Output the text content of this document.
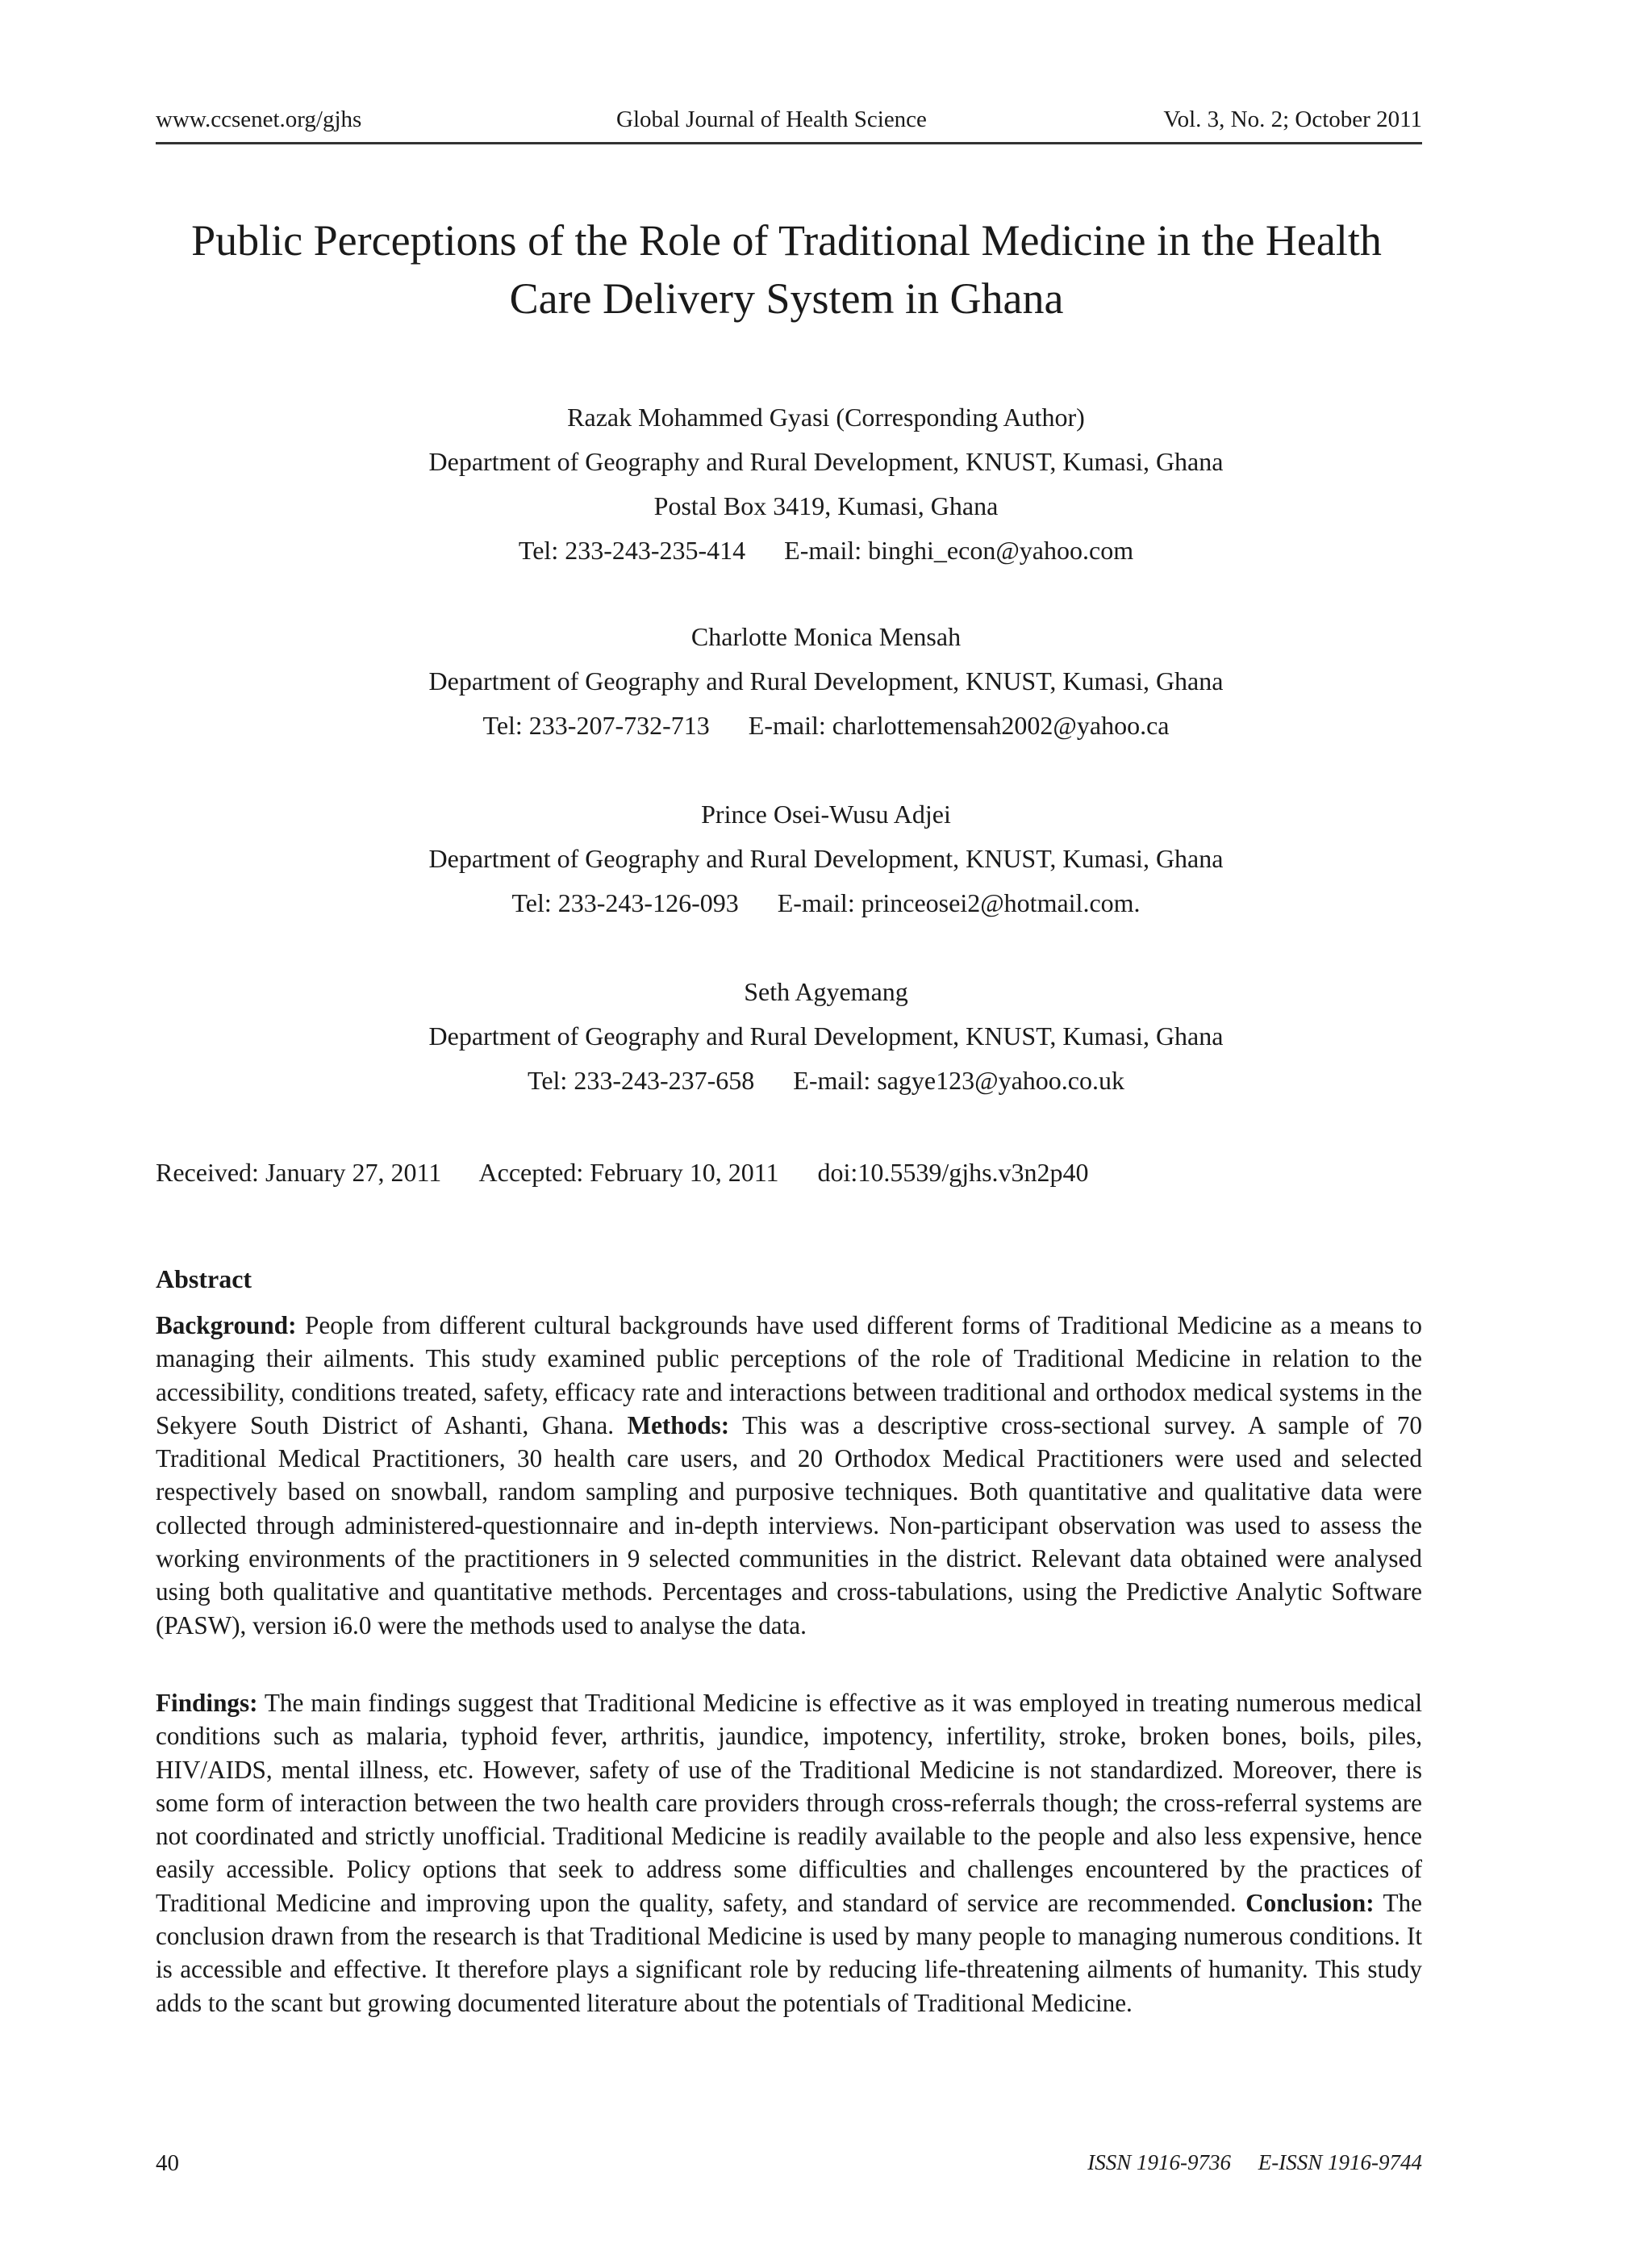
www.ccsenet.org/gjhs	Global Journal of Health Science	Vol. 3, No. 2; October 2011
Public Perceptions of the Role of Traditional Medicine in the Health
Care Delivery System in Ghana
Razak Mohammed Gyasi (Corresponding Author)
Department of Geography and Rural Development, KNUST, Kumasi, Ghana
Postal Box 3419, Kumasi, Ghana
Tel: 233-243-235-414      E-mail: binghi_econ@yahoo.com
Charlotte Monica Mensah
Department of Geography and Rural Development, KNUST, Kumasi, Ghana
Tel: 233-207-732-713      E-mail: charlottemensah2002@yahoo.ca
Prince Osei-Wusu Adjei
Department of Geography and Rural Development, KNUST, Kumasi, Ghana
Tel: 233-243-126-093      E-mail: princeosei2@hotmail.com.
Seth Agyemang
Department of Geography and Rural Development, KNUST, Kumasi, Ghana
Tel: 233-243-237-658      E-mail: sagye123@yahoo.co.uk
Received: January 27, 2011      Accepted: February 10, 2011      doi:10.5539/gjhs.v3n2p40
Abstract
Background: People from different cultural backgrounds have used different forms of Traditional Medicine as a means to managing their ailments. This study examined public perceptions of the role of Traditional Medicine in relation to the accessibility, conditions treated, safety, efficacy rate and interactions between traditional and orthodox medical systems in the Sekyere South District of Ashanti, Ghana. Methods: This was a descriptive cross-sectional survey. A sample of 70 Traditional Medical Practitioners, 30 health care users, and 20 Orthodox Medical Practitioners were used and selected respectively based on snowball, random sampling and purposive techniques. Both quantitative and qualitative data were collected through administered-questionnaire and in-depth interviews. Non-participant observation was used to assess the working environments of the practitioners in 9 selected communities in the district. Relevant data obtained were analysed using both qualitative and quantitative methods. Percentages and cross-tabulations, using the Predictive Analytic Software (PASW), version i6.0 were the methods used to analyse the data.
Findings: The main findings suggest that Traditional Medicine is effective as it was employed in treating numerous medical conditions such as malaria, typhoid fever, arthritis, jaundice, impotency, infertility, stroke, broken bones, boils, piles, HIV/AIDS, mental illness, etc. However, safety of use of the Traditional Medicine is not standardized. Moreover, there is some form of interaction between the two health care providers through cross-referrals though; the cross-referral systems are not coordinated and strictly unofficial. Traditional Medicine is readily available to the people and also less expensive, hence easily accessible. Policy options that seek to address some difficulties and challenges encountered by the practices of Traditional Medicine and improving upon the quality, safety, and standard of service are recommended. Conclusion: The conclusion drawn from the research is that Traditional Medicine is used by many people to managing numerous conditions. It is accessible and effective. It therefore plays a significant role by reducing life-threatening ailments of humanity. This study adds to the scant but growing documented literature about the potentials of Traditional Medicine.
40	ISSN 1916-9736     E-ISSN 1916-9744
